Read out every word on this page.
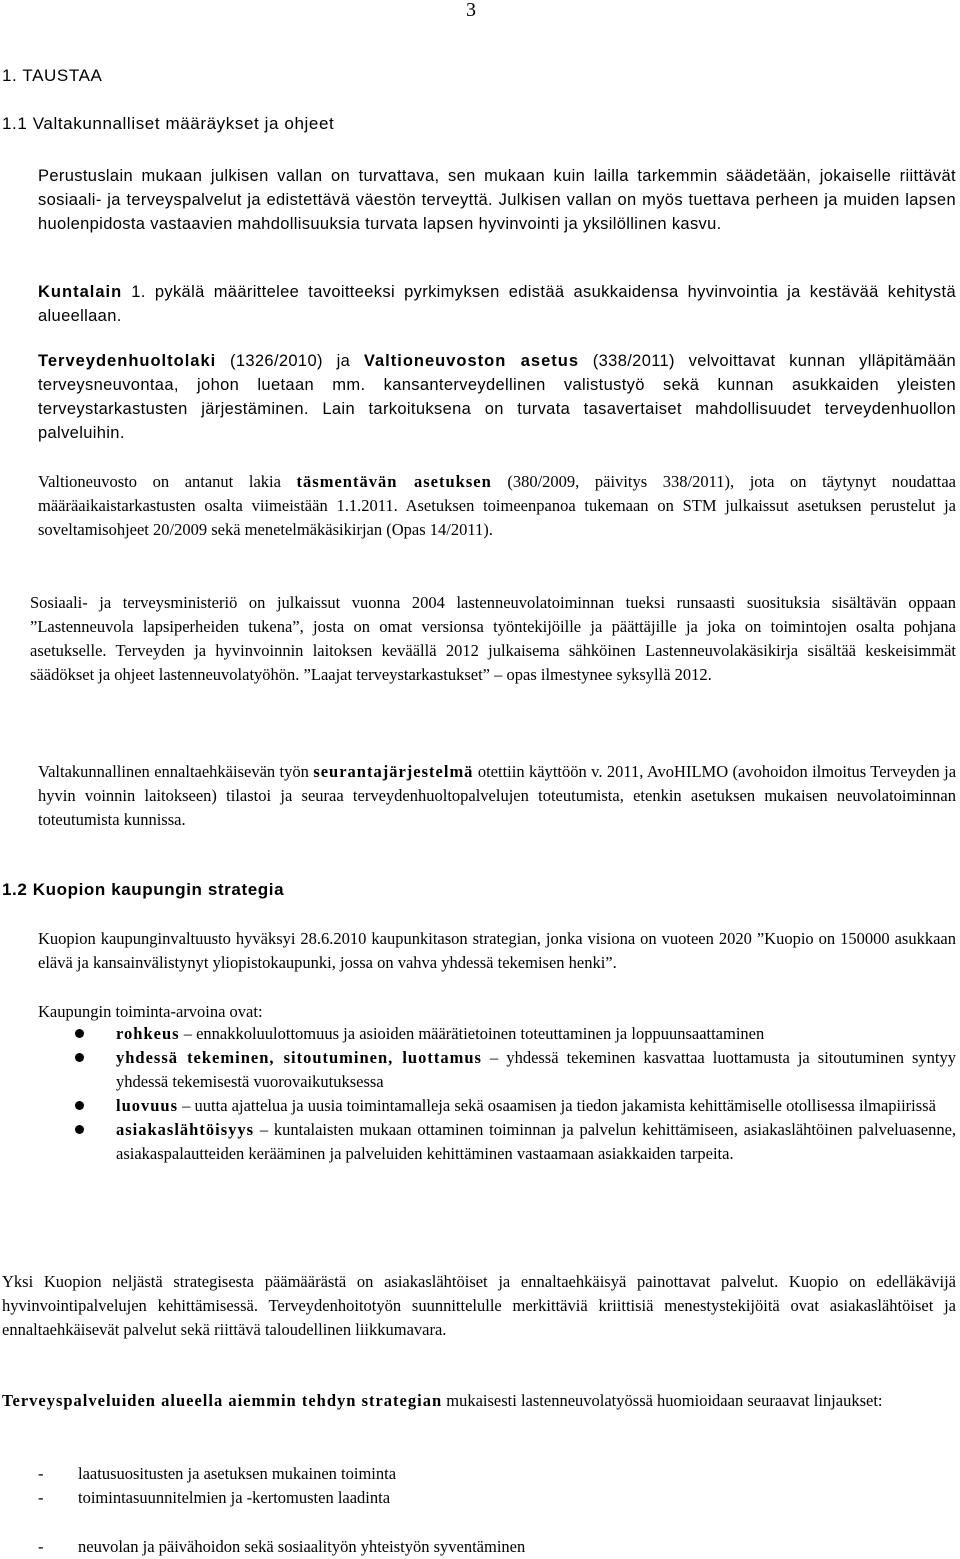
3
1. TAUSTAA
1.1 Valtakunnalliset määräykset ja ohjeet

Perustuslain mukaan julkisen vallan on turvattava, sen mukaan kuin lailla tarkemmin säädetään, jokaiselle riittävät sosiaali- ja terveyspalvelut ja edistettävä väestön terveyttä. Julkisen vallan on myös tuettava perheen ja muiden lapsen huolenpidosta vastaavien mahdollisuuksia turvata lapsen hyvinvointi ja yksilöllinen kasvu.

Kuntalain 1. pykälä määrittelee tavoitteeksi pyrkimyksen edistää asukkaidensa hyvinvointia ja kestävää kehitystä alueellaan.

Terveydenhuoltolaki (1326/2010) ja Valtioneuvoston asetus (338/2011) velvoittavat kunnan ylläpitämään terveysneuvontaa, johon luetaan mm. kansanterveydellinen valistustyö sekä kunnan asukkaiden yleisten terveystarkastusten järjestäminen. Lain tarkoituksena on turvata tasavertaiset mahdollisuudet terveydenhuollon palveluihin.

Valtioneuvosto on antanut lakia täsmentävän asetuksen (380/2009, päivitys 338/2011), jota on täytynyt noudattaa määräaikaistarkastusten osalta viimeistään 1.1.2011. Asetuksen toimeenpanoa tukemaan on STM julkaissut asetuksen perustelut ja soveltamisohjeet 20/2009 sekä menetelmäkäsikirjan (Opas 14/2011).

Sosiaali- ja terveysministeriö on julkaissut vuonna 2004 lastenneuvolatoiminnan tueksi runsaasti suosituksia sisältävän oppaan ”Lastenneuvola lapsiperheiden tukena”, josta on omat versionsa työntekijöille ja päättäjille ja joka on toimintojen osalta pohjana asetukselle. Terveyden ja hyvinvoinnin laitoksen keväällä 2012 julkaisema sähköinen Lastenneuvolakäsikirja sisältää keskeisimmät säädökset ja ohjeet lastenneuvolatyöhön. ”Laajat terveystarkastukset” – opas ilmestynee syksyllä 2012.

Valtakunnallinen ennaltaehkäisevän työn seurantajärjestelmä otettiin käyttöön v. 2011, AvoHILMO (avohoidon ilmoitus Terveyden ja hyvin voinnin laitokseen) tilastoi ja seuraa terveydenhuoltopalvelujen toteutumista, etenkin asetuksen mukaisen neuvolatoiminnan toteutumista kunnissa.

1.2 Kuopion kaupungin strategia

Kuopion kaupunginvaltuusto hyväksyi 28.6.2010 kaupunkitason strategian, jonka visiona on vuoteen 2020 ”Kuopio on 150000 asukkaan elävä ja kansainvälistynyt yliopistokaupunki, jossa on vahva yhdessä tekemisen henki”.

Kaupungin toiminta-arvoina ovat:

rohkeus – ennakkoluulottomuus ja asioiden määrätietoinen toteuttaminen ja loppuunsaattaminen
yhdessä tekeminen, sitoutuminen, luottamus – yhdessä tekeminen kasvattaa luottamusta ja sitoutuminen syntyy yhdessä tekemisestä vuorovaikutuksessa
luovuus – uutta ajattelua ja uusia toimintamalleja sekä osaamisen ja tiedon jakamista kehittämiselle otollisessa ilmapiirissä
asiakaslähtöisyys – kuntalaisten mukaan ottaminen toiminnan ja palvelun kehittämiseen, asiakaslähtöinen palveluasenne, asiakaspalautteiden kerääminen ja palveluiden kehittäminen vastaamaan asiakkaiden tarpeita.

Yksi Kuopion neljästä strategisesta päämäärästä on asiakaslähtöiset ja ennaltaehkäisyä painottavat palvelut. Kuopio on edelläkävijä hyvinvointipalvelujen kehittämisessä. Terveydenhoitotyön suunnittelulle merkittäviä kriittisiä menestystekijöitä ovat asiakaslähtöiset ja ennaltaehkäisevät palvelut sekä riittävä taloudellinen liikkumavara.

Terveyspalveluiden alueella aiemmin tehdyn strategian mukaisesti lastenneuvolatyössä huomioidaan seuraavat linjaukset:

- laatusuositusten ja asetuksen mukainen toiminta
- toimintasuunnitelmien ja -kertomusten laadinta
- neuvolan ja päivähoidon sekä sosiaalityön yhteistyön syventäminen
